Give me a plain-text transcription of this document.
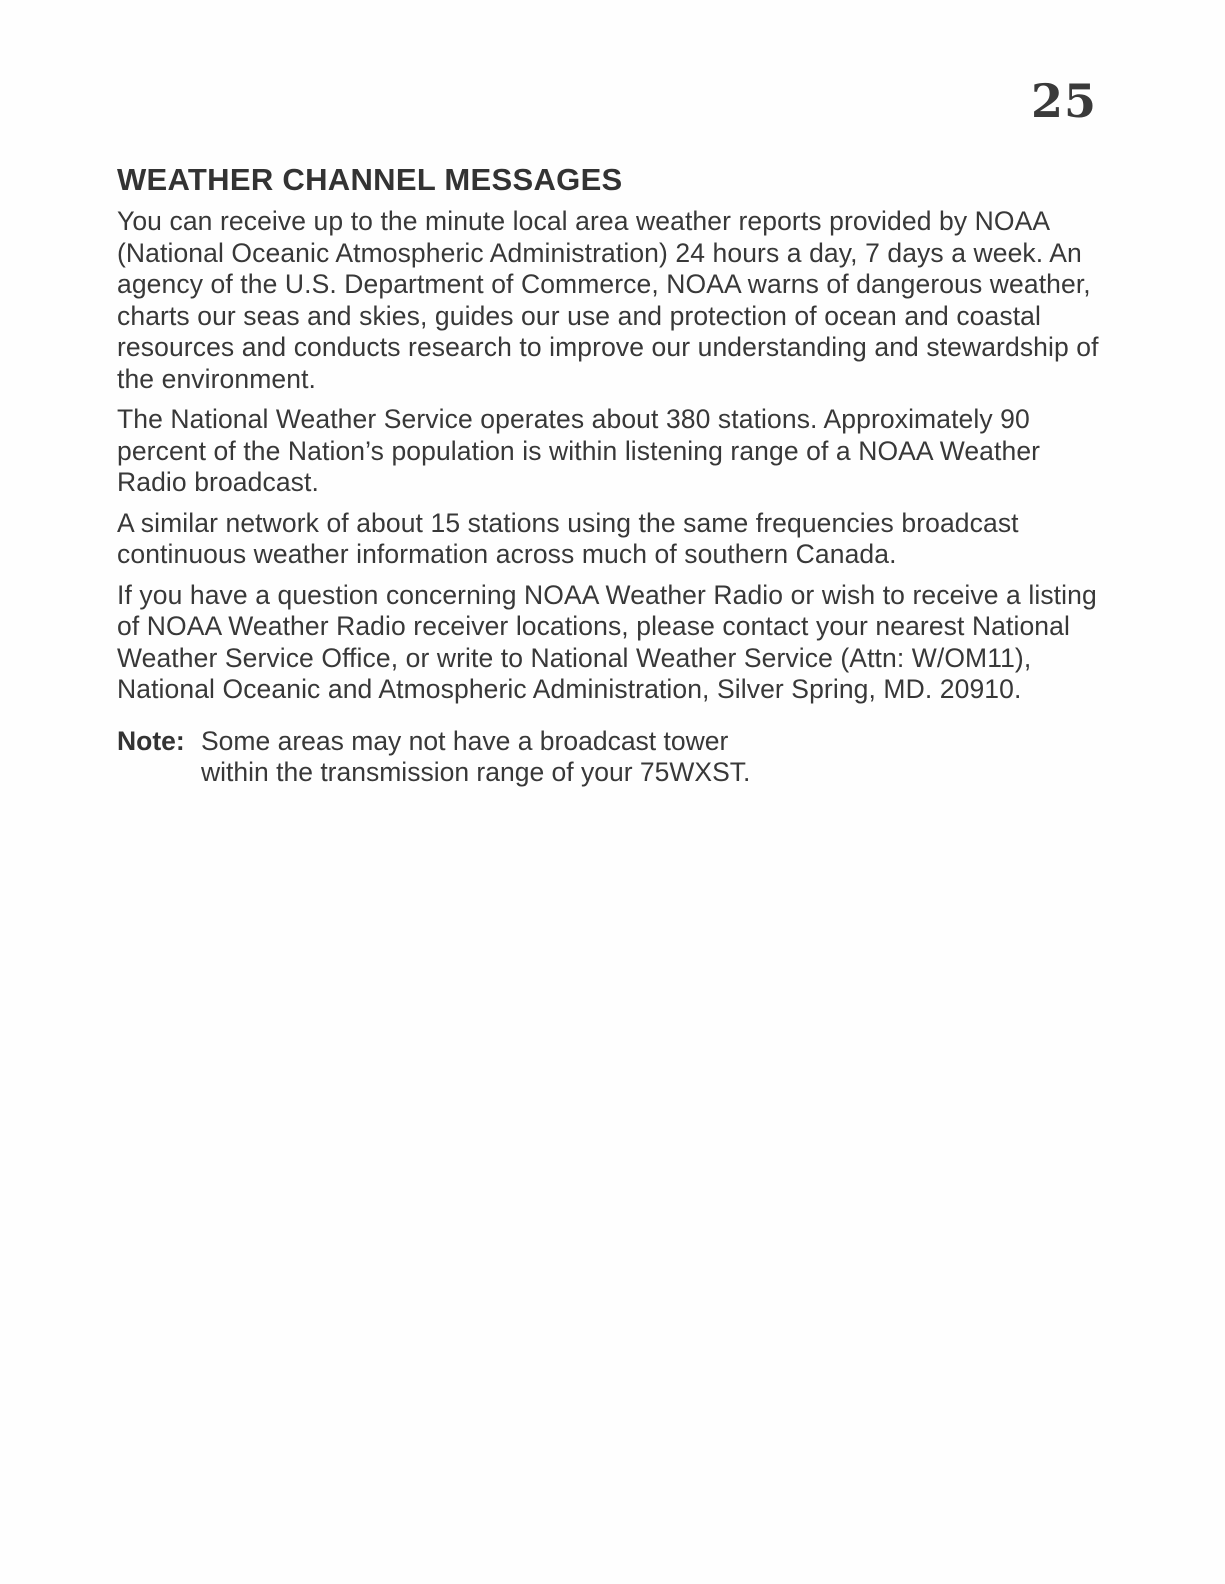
25
WEATHER CHANNEL MESSAGES

You can receive up to the minute local area weather reports provided by NOAA (National Oceanic Atmospheric Administration) 24 hours a day, 7 days a week. An agency of the U.S. Department of Commerce, NOAA warns of dangerous weather, charts our seas and skies, guides our use and protection of ocean and coastal resources and conducts research to improve our understanding and stewardship of the environment.

The National Weather Service operates about 380 stations. Approximately 90 percent of the Nation’s population is within listening range of a NOAA Weather Radio broadcast.

A similar network of about 15 stations using the same frequencies broadcast continuous weather information across much of southern Canada.

If you have a question concerning NOAA Weather Radio or wish to receive a listing of NOAA Weather Radio receiver locations, please contact your nearest National Weather Service Office, or write to National Weather Service (Attn: W/OM11), National Oceanic and Atmospheric Administration, Silver Spring, MD. 20910.

Note: Some areas may not have a broadcast tower
within the transmission range of your 75WXST.
